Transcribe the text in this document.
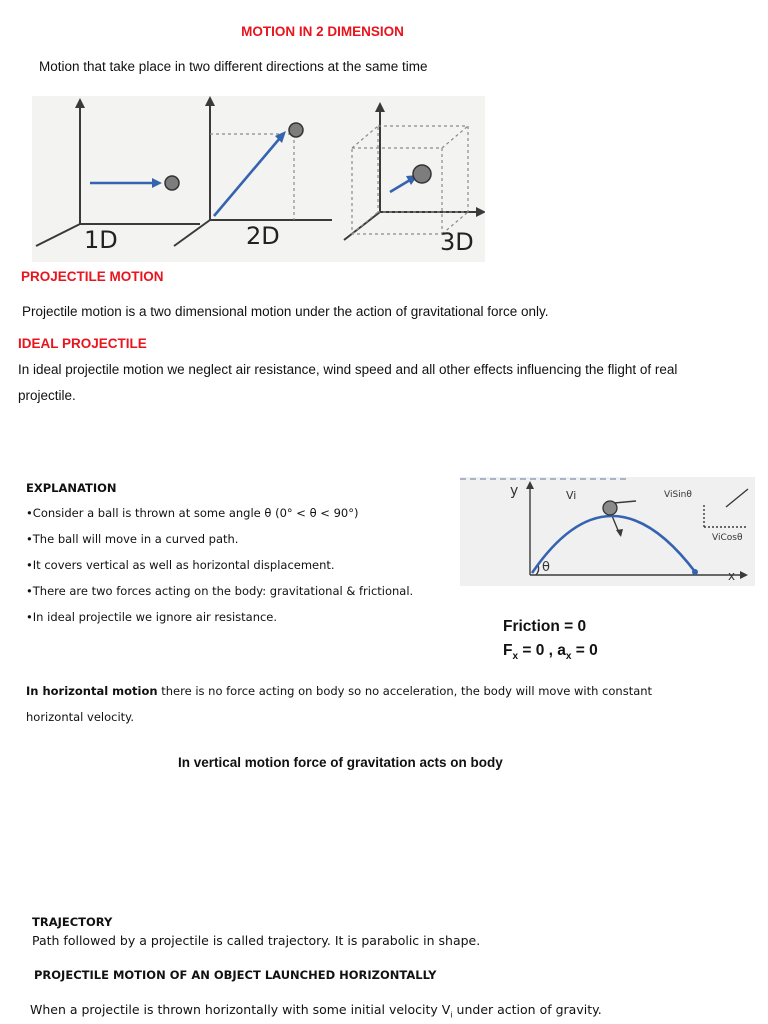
MOTION IN 2 DIMENSION
Motion that take place in two different directions at the same time
1D	2D	3D
PROJECTILE MOTION
Projectile motion is a two dimensional motion under the action of gravitational force only.
IDEAL PROJECTILE
In ideal projectile motion we neglect air resistance, wind speed and all other effects influencing the flight of real projectile.
EXPLANATION
•Consider a ball is thrown at some angle θ (0° < θ < 90°)
•The ball will move in a curved path.
•It covers vertical as well as horizontal displacement.
•There are two forces acting on the body: gravitational & frictional.
•In ideal projectile we ignore air resistance.
y
x
θ
Vi	ViSinθ
ViCosθ
Friction = 0
$F_x = 0$ , $a_x = 0$
In horizontal motion there is no force acting on body so no acceleration, the body will move with constant horizontal velocity.
In vertical motion force of gravitation acts on body
TRAJECTORY
Path followed by a projectile is called trajectory. It is parabolic in shape.
PROJECTILE MOTION OF AN OBJECT LAUNCHED HORIZONTALLY
When a projectile is thrown horizontally with some initial velocity $V_i$ under action of gravity.
